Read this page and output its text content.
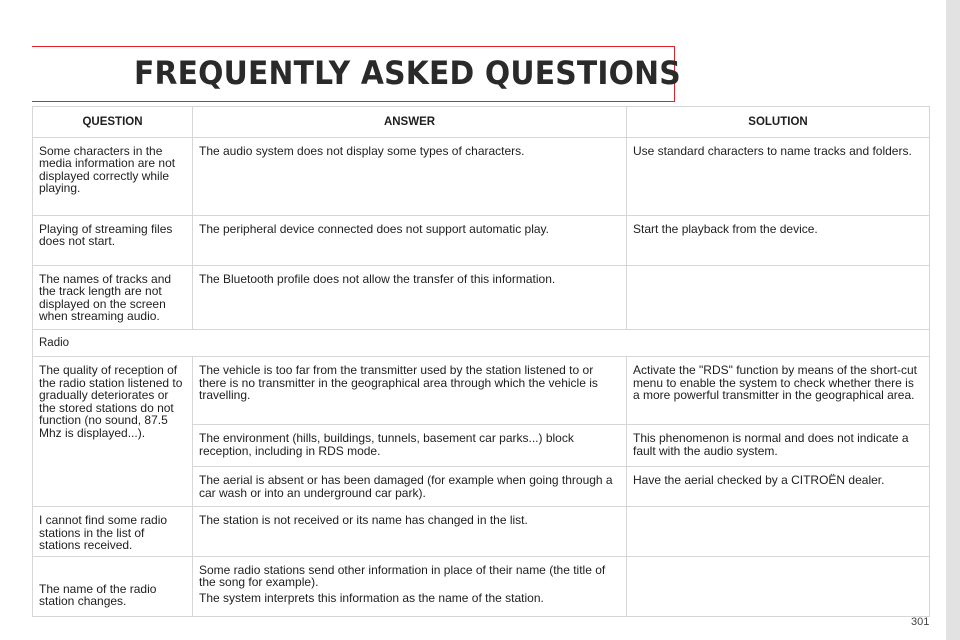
FREQUENTLY ASKED QUESTIONS
QUESTION	ANSWER	SOLUTION
Some characters in the media information are not displayed correctly while playing.	The audio system does not display some types of characters.	Use standard characters to name tracks and folders.
Playing of streaming files does not start.	The peripheral device connected does not support automatic play.	Start the playback from the device.
The names of tracks and the track length are not displayed on the screen when streaming audio.	The Bluetooth profile does not allow the transfer of this information.	
Radio		
The quality of reception of the radio station listened to gradually deteriorates or the stored stations do not function (no sound, 87.5 Mhz is displayed...).	The vehicle is too far from the transmitter used by the station listened to or there is no transmitter in the geographical area through which the vehicle is travelling.	Activate the "RDS" function by means of the short-cut menu to enable the system to check whether there is a more powerful transmitter in the geographical area.
	The environment (hills, buildings, tunnels, basement car parks...) block reception, including in RDS mode.	This phenomenon is normal and does not indicate a fault with the audio system.
	The aerial is absent or has been damaged (for example when going through a car wash or into an underground car park).	Have the aerial checked by a CITROËN dealer.
I cannot find some radio stations in the list of stations received.	The station is not received or its name has changed in the list.	
The name of the radio station changes.	Some radio stations send other information in place of their name (the title of the song for example).

The system interprets this information as the name of the station.	

301
